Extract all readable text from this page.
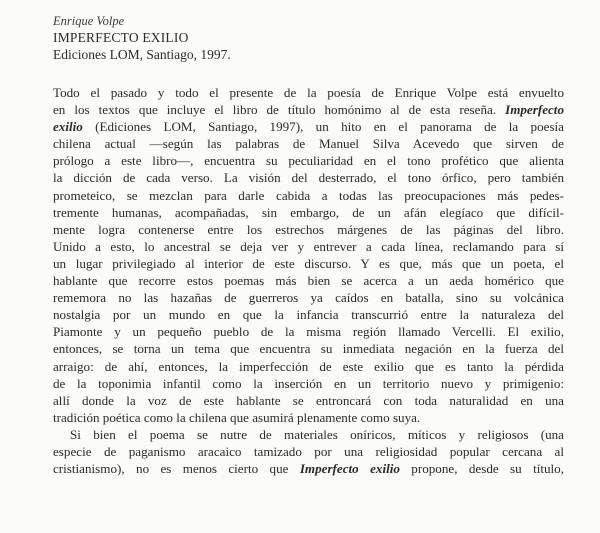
Enrique Volpe
IMPERFECTO EXILIO
Ediciones LOM, Santiago, 1997.

Todo el pasado y todo el presente de la poesía de Enrique Volpe está envuelto
en los textos que incluye el libro de título homónimo al de esta reseña. Imperfecto
exilio (Ediciones LOM, Santiago, 1997), un hito en el panorama de la poesía
chilena actual —según las palabras de Manuel Silva Acevedo que sirven de
prólogo a este libro—, encuentra su peculiaridad en el tono profético que alienta
la dicción de cada verso. La visión del desterrado, el tono órfico, pero también
prometeico, se mezclan para darle cabida a todas las preocupaciones más pedes-
tremente humanas, acompañadas, sin embargo, de un afán elegíaco que difícil-
mente logra contenerse entre los estrechos márgenes de las páginas del libro.
Unido a esto, lo ancestral se deja ver y entrever a cada línea, reclamando para sí
un lugar privilegiado al interior de este discurso. Y es que, más que un poeta, el
hablante que recorre estos poemas más bien se acerca a un aeda homérico que
rememora no las hazañas de guerreros ya caídos en batalla, sino su volcánica
nostalgia por un mundo en que la infancia transcurrió entre la naturaleza del
Piamonte y un pequeño pueblo de la misma región llamado Vercelli. El exilio,
entonces, se torna un tema que encuentra su inmediata negación en la fuerza del
arraigo: de ahí, entonces, la imperfección de este exilio que es tanto la pérdida
de la toponimia infantil como la inserción en un territorio nuevo y primigenio:
allí donde la voz de este hablante se entroncará con toda naturalidad en una
tradición poética como la chilena que asumirá plenamente como suya.

Si bien el poema se nutre de materiales oníricos, míticos y religiosos (una
especie de paganismo aracaico tamizado por una religiosidad popular cercana al
cristianismo), no es menos cierto que Imperfecto exilio propone, desde su título,
